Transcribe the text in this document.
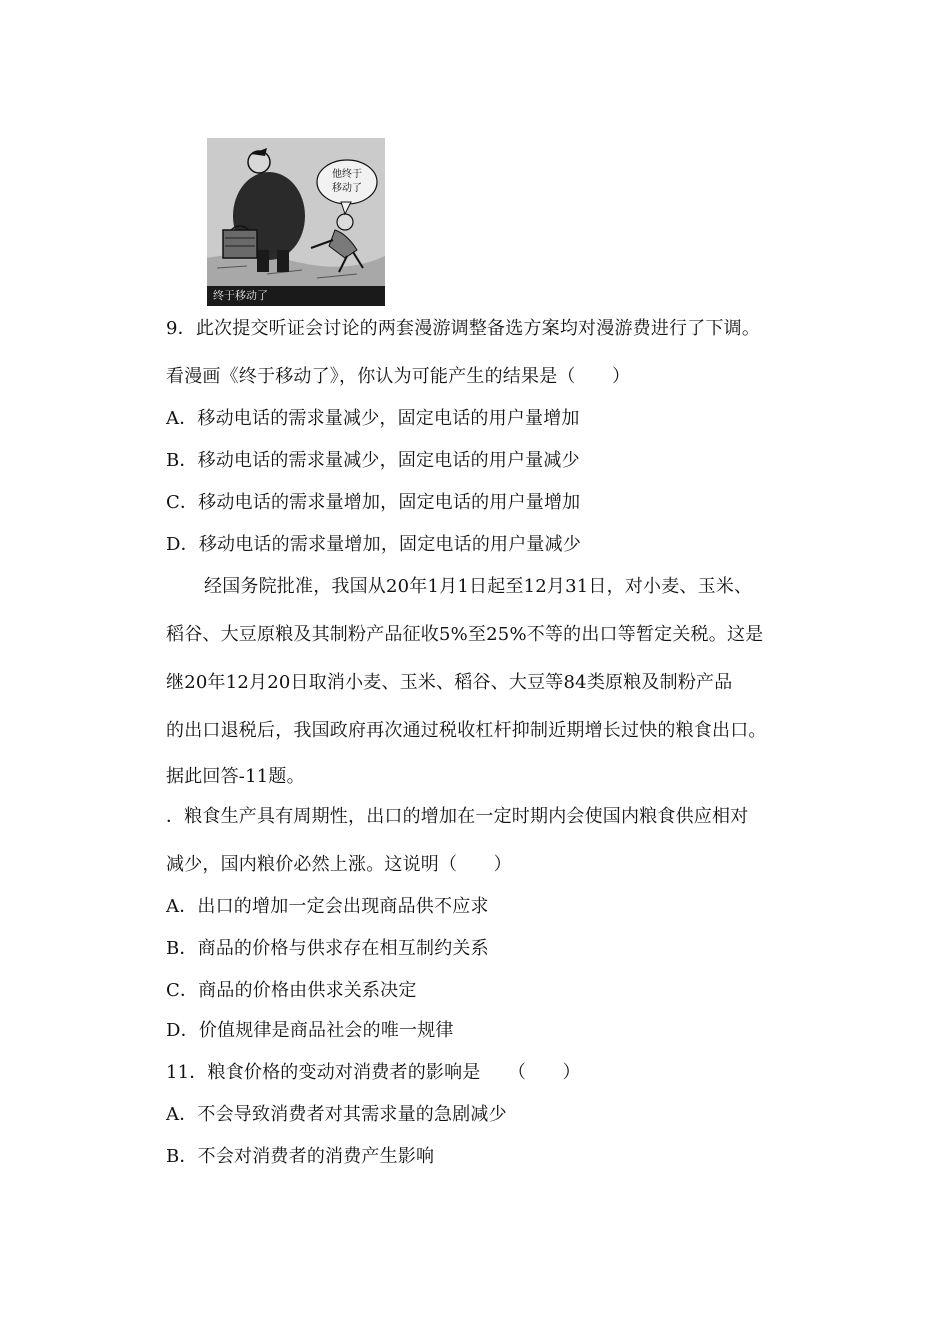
他终于
移动了
终于移动了
9．此次提交听证会讨论的两套漫游调整备选方案均对漫游费进行了下调。
看漫画《终于移动了》，你认为可能产生的结果是（　　）
A．移动电话的需求量减少，固定电话的用户量增加
B．移动电话的需求量减少，固定电话的用户量减少
C．移动电话的需求量增加，固定电话的用户量增加
D．移动电话的需求量增加，固定电话的用户量减少
经国务院批准，我国从20年1月1日起至12月31日，对小麦、玉米、
稻谷、大豆原粮及其制粉产品征收5%至25%不等的出口等暂定关税。这是
继20年12月20日取消小麦、玉米、稻谷、大豆等84类原粮及制粉产品
的出口退税后，我国政府再次通过税收杠杆抑制近期增长过快的粮食出口。
据此回答-11题。
．粮食生产具有周期性，出口的增加在一定时期内会使国内粮食供应相对
减少，国内粮价必然上涨。这说明（　　）
A．出口的增加一定会出现商品供不应求
B．商品的价格与供求存在相互制约关系
C．商品的价格由供求关系决定
D．价值规律是商品社会的唯一规律
11．粮食价格的变动对消费者的影响是　　（　　）
A．不会导致消费者对其需求量的急剧减少
B．不会对消费者的消费产生影响
